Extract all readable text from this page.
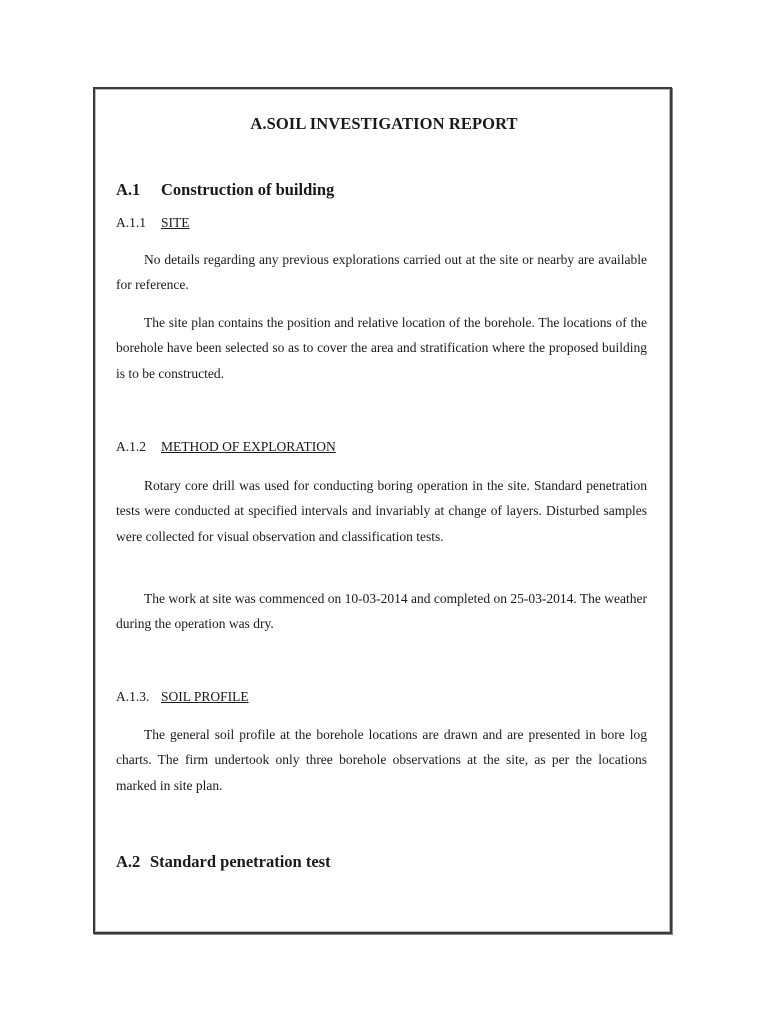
A.SOIL INVESTIGATION REPORT
A.1 Construction of building
A.1.1 SITE
No details regarding any previous explorations carried out at the site or nearby are available for reference.
The site plan contains the position and relative location of the borehole. The locations of the borehole have been selected so as to cover the area and stratification where the proposed building is to be constructed.
A.1.2 METHOD OF EXPLORATION
Rotary core drill was used for conducting boring operation in the site. Standard penetration tests were conducted at specified intervals and invariably at change of layers. Disturbed samples were collected for visual observation and classification tests.
The work at site was commenced on 10-03-2014 and completed on 25-03-2014. The weather during the operation was dry.
A.1.3. SOIL PROFILE
The general soil profile at the borehole locations are drawn and are presented in bore log charts. The firm undertook only three borehole observations at the site, as per the locations marked in site plan.
A.2 Standard penetration test
